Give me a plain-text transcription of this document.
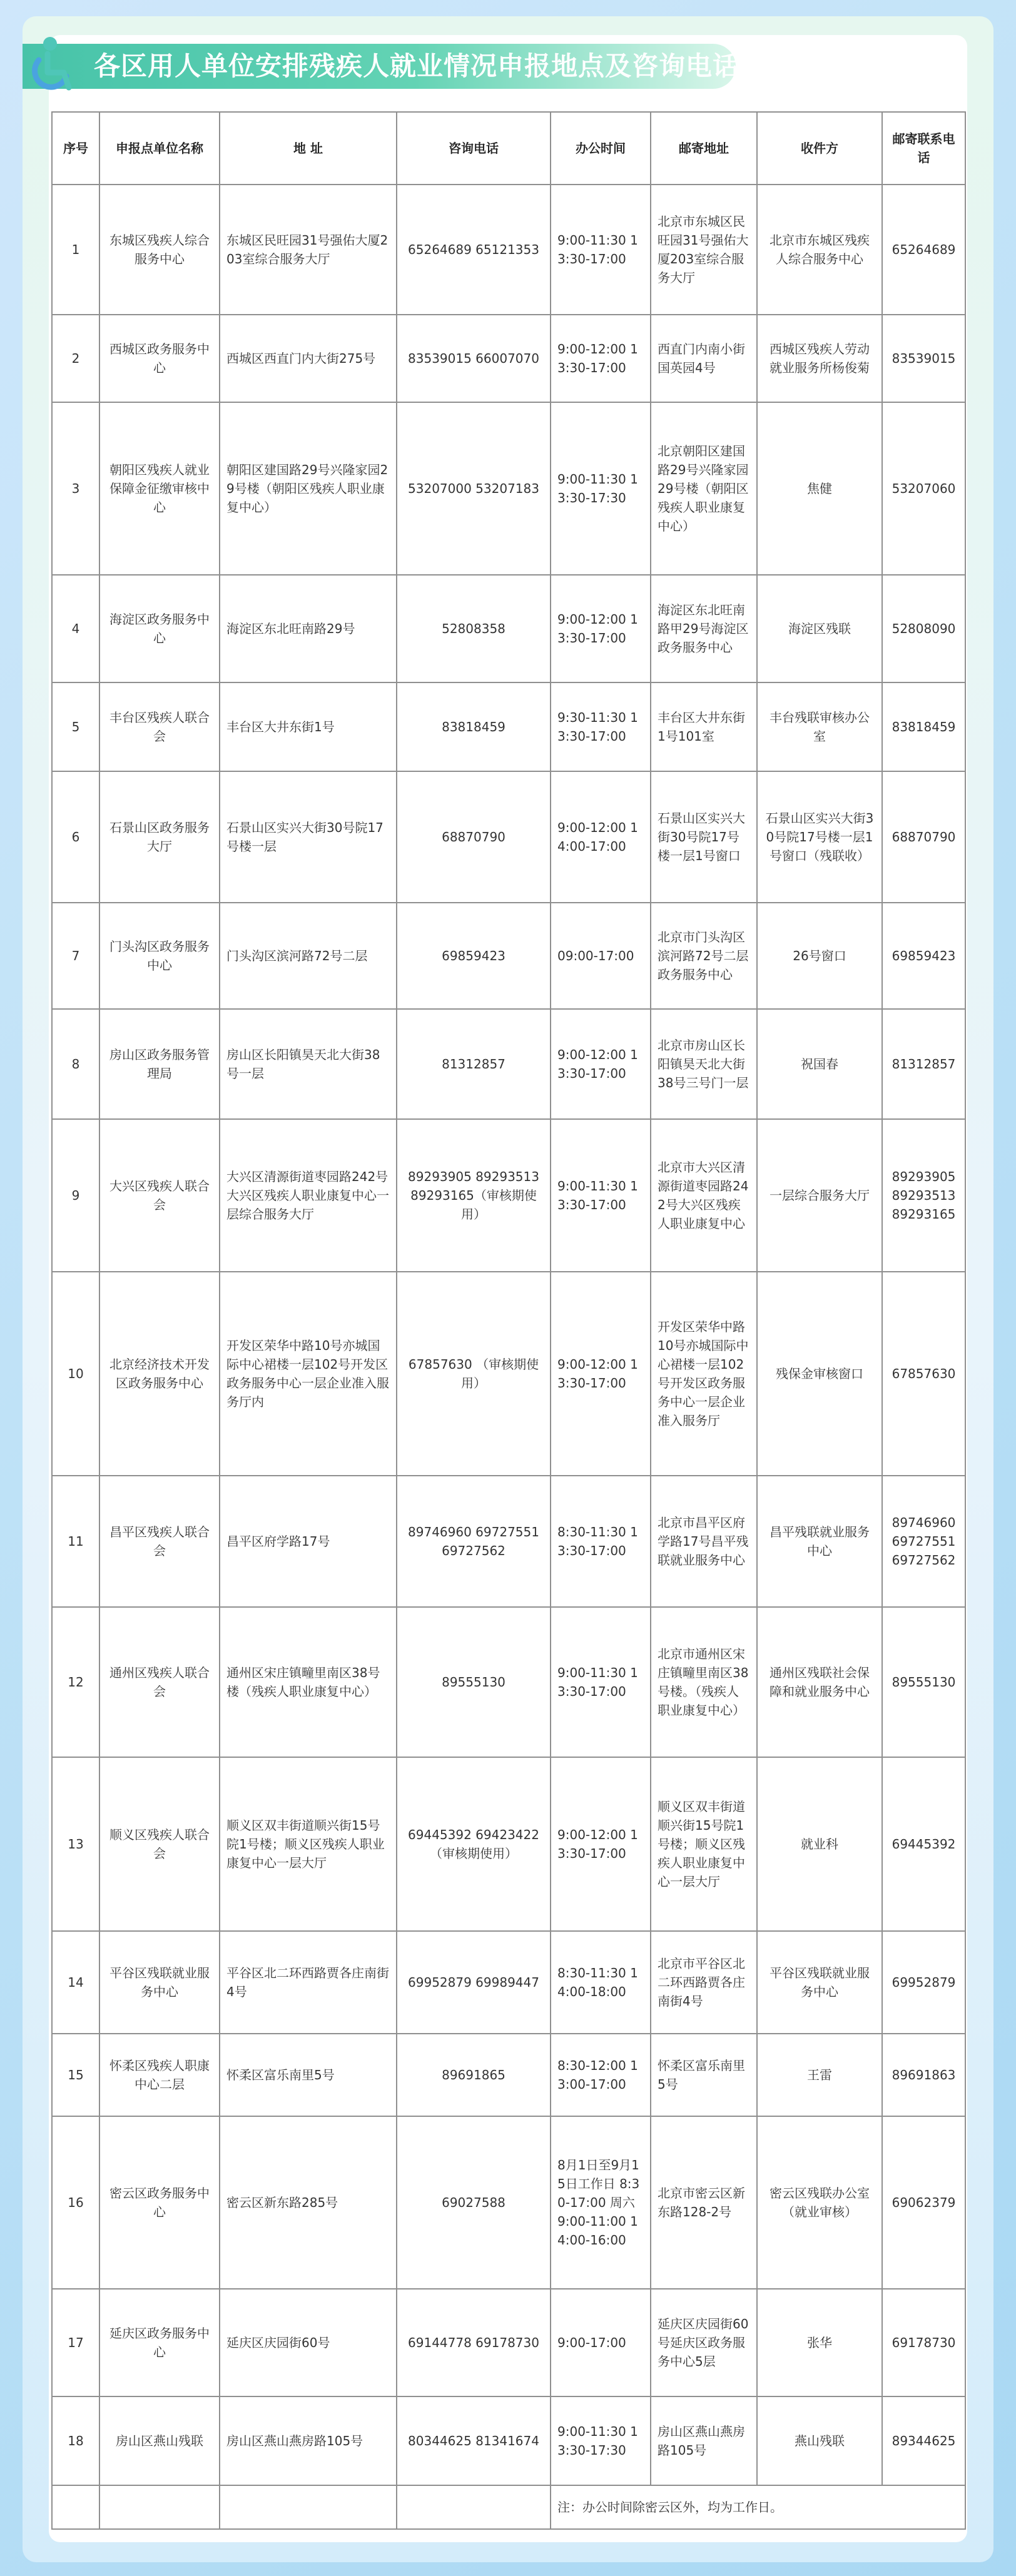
各区用人单位安排残疾人就业情况申报地点及咨询电话
序号	申报点单位名称	地 址	咨询电话	办公时间	邮寄地址	收件方	邮寄联系电话
1	东城区残疾人综合服务中心	东城区民旺园31号强佑大厦203室综合服务大厅	65264689 65121353	9:00-11:30 13:30-17:00	北京市东城区民旺园31号强佑大厦203室综合服务大厅	北京市东城区残疾人综合服务中心	65264689
2	西城区政务服务中心	西城区西直门内大街275号	83539015 66007070	9:00-12:00 13:30-17:00	西直门内南小街国英园4号	西城区残疾人劳动就业服务所杨俊菊	83539015
3	朝阳区残疾人就业保障金征缴审核中心	朝阳区建国路29号兴隆家园29号楼（朝阳区残疾人职业康复中心）	53207000 53207183	9:00-11:30 13:30-17:30	北京朝阳区建国路29号兴隆家园29号楼（朝阳区残疾人职业康复中心）	焦健	53207060
4	海淀区政务服务中心	海淀区东北旺南路29号	52808358	9:00-12:00 13:30-17:00	海淀区东北旺南路甲29号海淀区政务服务中心	海淀区残联	52808090
5	丰台区残疾人联合会	丰台区大井东街1号	83818459	9:30-11:30 13:30-17:00	丰台区大井东街1号101室	丰台残联审核办公室	83818459
6	石景山区政务服务大厅	石景山区实兴大街30号院17号楼一层	68870790	9:00-12:00 14:00-17:00	石景山区实兴大街30号院17号楼一层1号窗口	石景山区实兴大街30号院17号楼一层1号窗口（残联收）	68870790
7	门头沟区政务服务中心	门头沟区滨河路72号二层	69859423	09:00-17:00	北京市门头沟区滨河路72号二层政务服务中心	26号窗口	69859423
8	房山区政务服务管理局	房山区长阳镇昊天北大街38号一层	81312857	9:00-12:00 13:30-17:00	北京市房山区长阳镇昊天北大街38号三号门一层	祝国春	81312857
9	大兴区残疾人联合会	大兴区清源街道枣园路242号大兴区残疾人职业康复中心一层综合服务大厅	89293905 89293513 89293165（审核期使用）	9:00-11:30 13:30-17:00	北京市大兴区清源街道枣园路242号大兴区残疾人职业康复中心	一层综合服务大厅	89293905 89293513 89293165
10	北京经济技术开发区政务服务中心	开发区荣华中路10号亦城国际中心裙楼一层102号开发区政务服务中心一层企业准入服务厅内	67857630 （审核期使用）	9:00-12:00 13:30-17:00	开发区荣华中路10号亦城国际中心裙楼一层102号开发区政务服务中心一层企业准入服务厅	残保金审核窗口	67857630
11	昌平区残疾人联合会	昌平区府学路17号	89746960 69727551 69727562	8:30-11:30 13:30-17:00	北京市昌平区府学路17号昌平残联就业服务中心	昌平残联就业服务中心	89746960 69727551 69727562
12	通州区残疾人联合会	通州区宋庄镇疃里南区38号楼（残疾人职业康复中心）	89555130	9:00-11:30 13:30-17:00	北京市通州区宋庄镇疃里南区38号楼。（残疾人职业康复中心）	通州区残联社会保障和就业服务中心	89555130
13	顺义区残疾人联合会	顺义区双丰街道顺兴街15号院1号楼；顺义区残疾人职业康复中心一层大厅	69445392 69423422（审核期使用）	9:00-12:00 13:30-17:00	顺义区双丰街道顺兴街15号院1号楼；顺义区残疾人职业康复中心一层大厅	就业科	69445392
14	平谷区残联就业服务中心	平谷区北二环西路贾各庄南街4号	69952879 69989447	8:30-11:30 14:00-18:00	北京市平谷区北二环西路贾各庄南街4号	平谷区残联就业服务中心	69952879
15	怀柔区残疾人职康中心二层	怀柔区富乐南里5号	89691865	8:30-12:00 13:00-17:00	怀柔区富乐南里5号	王雷	89691863
16	密云区政务服务中心	密云区新东路285号	69027588	8月1日至9月15日工作日 8:30-17:00 周六 9:00-11:00 14:00-16:00	北京市密云区新东路128-2号	密云区残联办公室（就业审核）	69062379
17	延庆区政务服务中心	延庆区庆园街60号	69144778 69178730	9:00-17:00	延庆区庆园街60号延庆区政务服务中心5层	张华	69178730
18	房山区燕山残联	房山区燕山燕房路105号	80344625 81341674	9:00-11:30 13:30-17:30	房山区燕山燕房路105号	燕山残联	89344625
				注：办公时间除密云区外，均为工作日。			
